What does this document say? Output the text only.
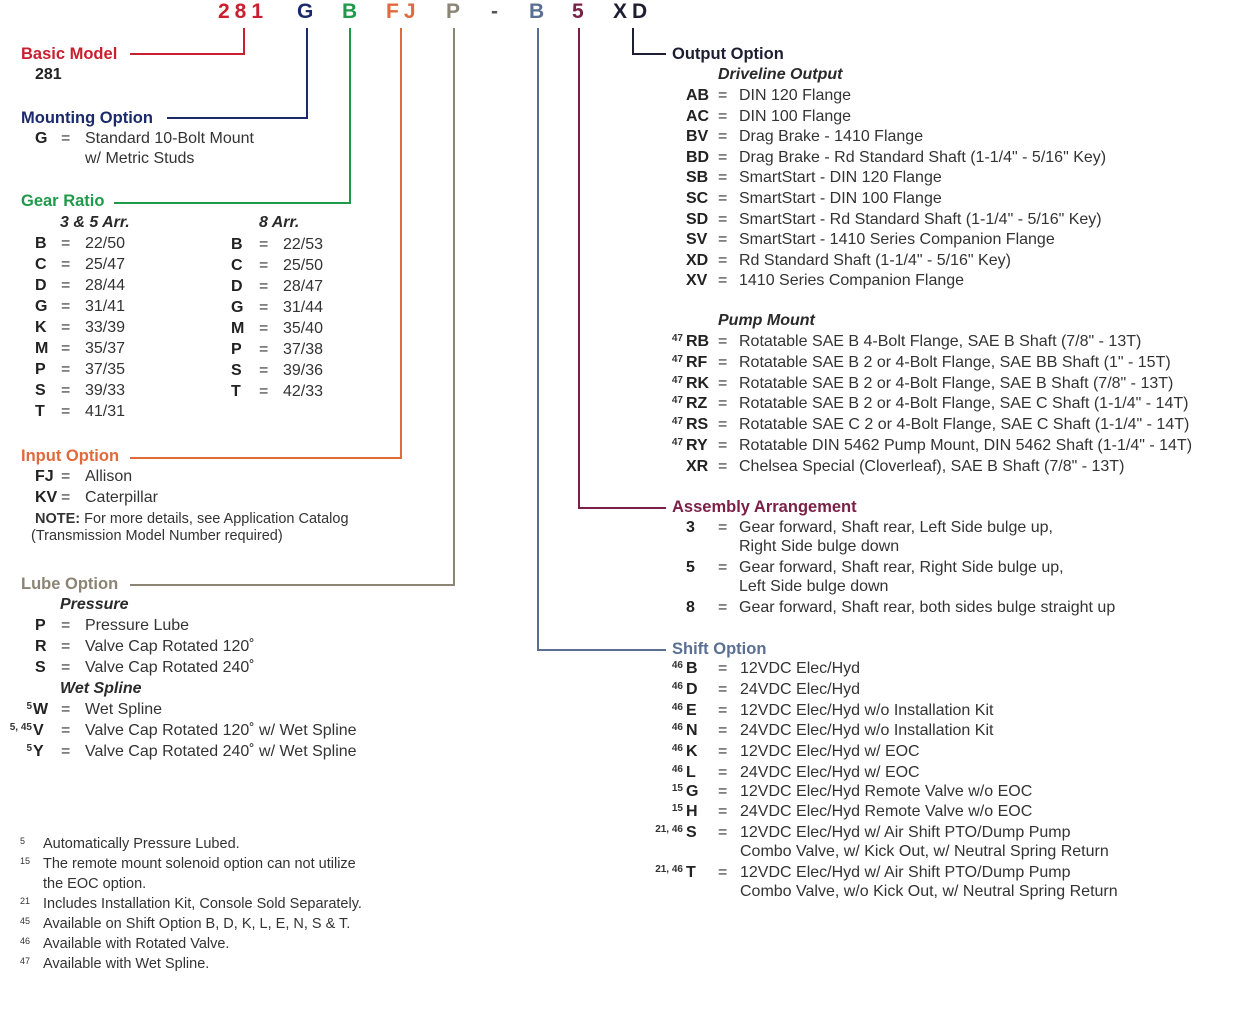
281 G B FJ P - B 5 XD
Basic Model
281
Mounting Option
G = Standard 10-Bolt Mount
w/ Metric Studs
Gear Ratio
3 & 5 Arr.	8 Arr.
B = 22/50
C = 25/47
D = 28/44
G = 31/41
K = 33/39
M = 35/37
P = 37/35
S = 39/33
T = 41/31
B = 22/53
C = 25/50
D = 28/47
G = 31/44
M = 35/40
P = 37/38
S = 39/36
T = 42/33
Input Option
FJ = Allison
KV = Caterpillar
NOTE: For more details, see Application Catalog
(Transmission Model Number required)
Lube Option
Pressure
P = Pressure Lube
R = Valve Cap Rotated 120˚
S = Valve Cap Rotated 240˚
Wet Spline
5 W = Wet Spline
5, 45 V = Valve Cap Rotated 120˚ w/ Wet Spline
5 Y = Valve Cap Rotated 240˚ w/ Wet Spline
5 Automatically Pressure Lubed.
15 The remote mount solenoid option can not utilize
the EOC option.
21 Includes Installation Kit, Console Sold Separately.
45 Available on Shift Option B, D, K, L, E, N, S & T.
46 Available with Rotated Valve.
47 Available with Wet Spline.
Output Option
Driveline Output
AB = DIN 120 Flange
AC = DIN 100 Flange
BV = Drag Brake - 1410 Flange
BD = Drag Brake - Rd Standard Shaft (1-1/4" - 5/16" Key)
SB = SmartStart - DIN 120 Flange
SC = SmartStart - DIN 100 Flange
SD = SmartStart - Rd Standard Shaft (1-1/4" - 5/16" Key)
SV = SmartStart - 1410 Series Companion Flange
XD = Rd Standard Shaft (1-1/4" - 5/16" Key)
XV = 1410 Series Companion Flange
Pump Mount
47 RB = Rotatable SAE B 4-Bolt Flange, SAE B Shaft (7/8" - 13T)
47 RF = Rotatable SAE B 2 or 4-Bolt Flange, SAE BB Shaft (1" - 15T)
47 RK = Rotatable SAE B 2 or 4-Bolt Flange, SAE B Shaft (7/8" - 13T)
47 RZ = Rotatable SAE B 2 or 4-Bolt Flange, SAE C Shaft (1-1/4" - 14T)
47 RS = Rotatable SAE C 2 or 4-Bolt Flange, SAE C Shaft (1-1/4" - 14T)
47 RY = Rotatable DIN 5462 Pump Mount, DIN 5462 Shaft (1-1/4" - 14T)
XR = Chelsea Special (Cloverleaf), SAE B Shaft (7/8" - 13T)
Assembly Arrangement
3 = Gear forward, Shaft rear, Left Side bulge up,
Right Side bulge down
5 = Gear forward, Shaft rear, Right Side bulge up,
Left Side bulge down
8 = Gear forward, Shaft rear, both sides bulge straight up
Shift Option
46 B = 12VDC Elec/Hyd
46 D = 24VDC Elec/Hyd
46 E = 12VDC Elec/Hyd w/o Installation Kit
46 N = 24VDC Elec/Hyd w/o Installation Kit
46 K = 12VDC Elec/Hyd w/ EOC
46 L = 24VDC Elec/Hyd w/ EOC
15 G = 12VDC Elec/Hyd Remote Valve w/o EOC
15 H = 24VDC Elec/Hyd Remote Valve w/o EOC
21, 46 S = 12VDC Elec/Hyd w/ Air Shift PTO/Dump Pump
Combo Valve, w/ Kick Out, w/ Neutral Spring Return
21, 46 T = 12VDC Elec/Hyd w/ Air Shift PTO/Dump Pump
Combo Valve, w/o Kick Out, w/ Neutral Spring Return
